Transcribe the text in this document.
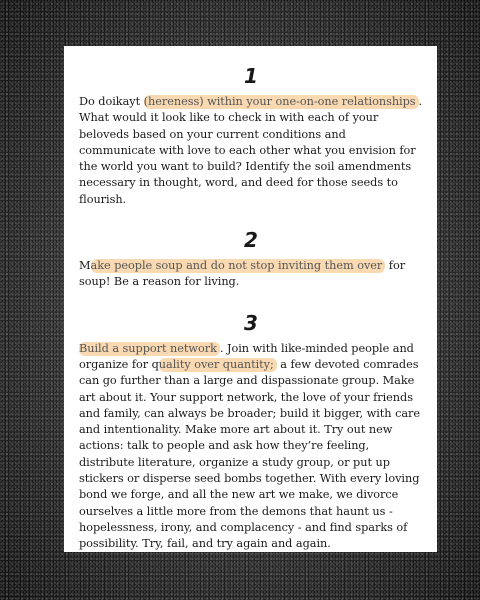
1

Do doikayt (hereness) within your one-on-one relationships . What would it look like to check in with each of your beloveds based on your current conditions and communicate with love to each other what you envision for the world you want to build? Identify the soil amendments necessary in thought, word, and deed for those seeds to flourish.

2

Make people soup and do not stop inviting them over for soup! Be a reason for living.

3

Build a support network . Join with like-minded people and organize for quality over quantity; a few devoted comrades can go further than a large and dispassionate group. Make art about it. Your support network, the love of your friends and family, can always be broader; build it bigger, with care and intentionality. Make more art about it. Try out new actions: talk to people and ask how they’re feeling, distribute literature, organize a study group, or put up stickers or disperse seed bombs together. With every loving bond we forge, and all the new art we make, we divorce ourselves a little more from the demons that haunt us - hopelessness, irony, and complacency - and find sparks of possibility. Try, fail, and try again and again.
